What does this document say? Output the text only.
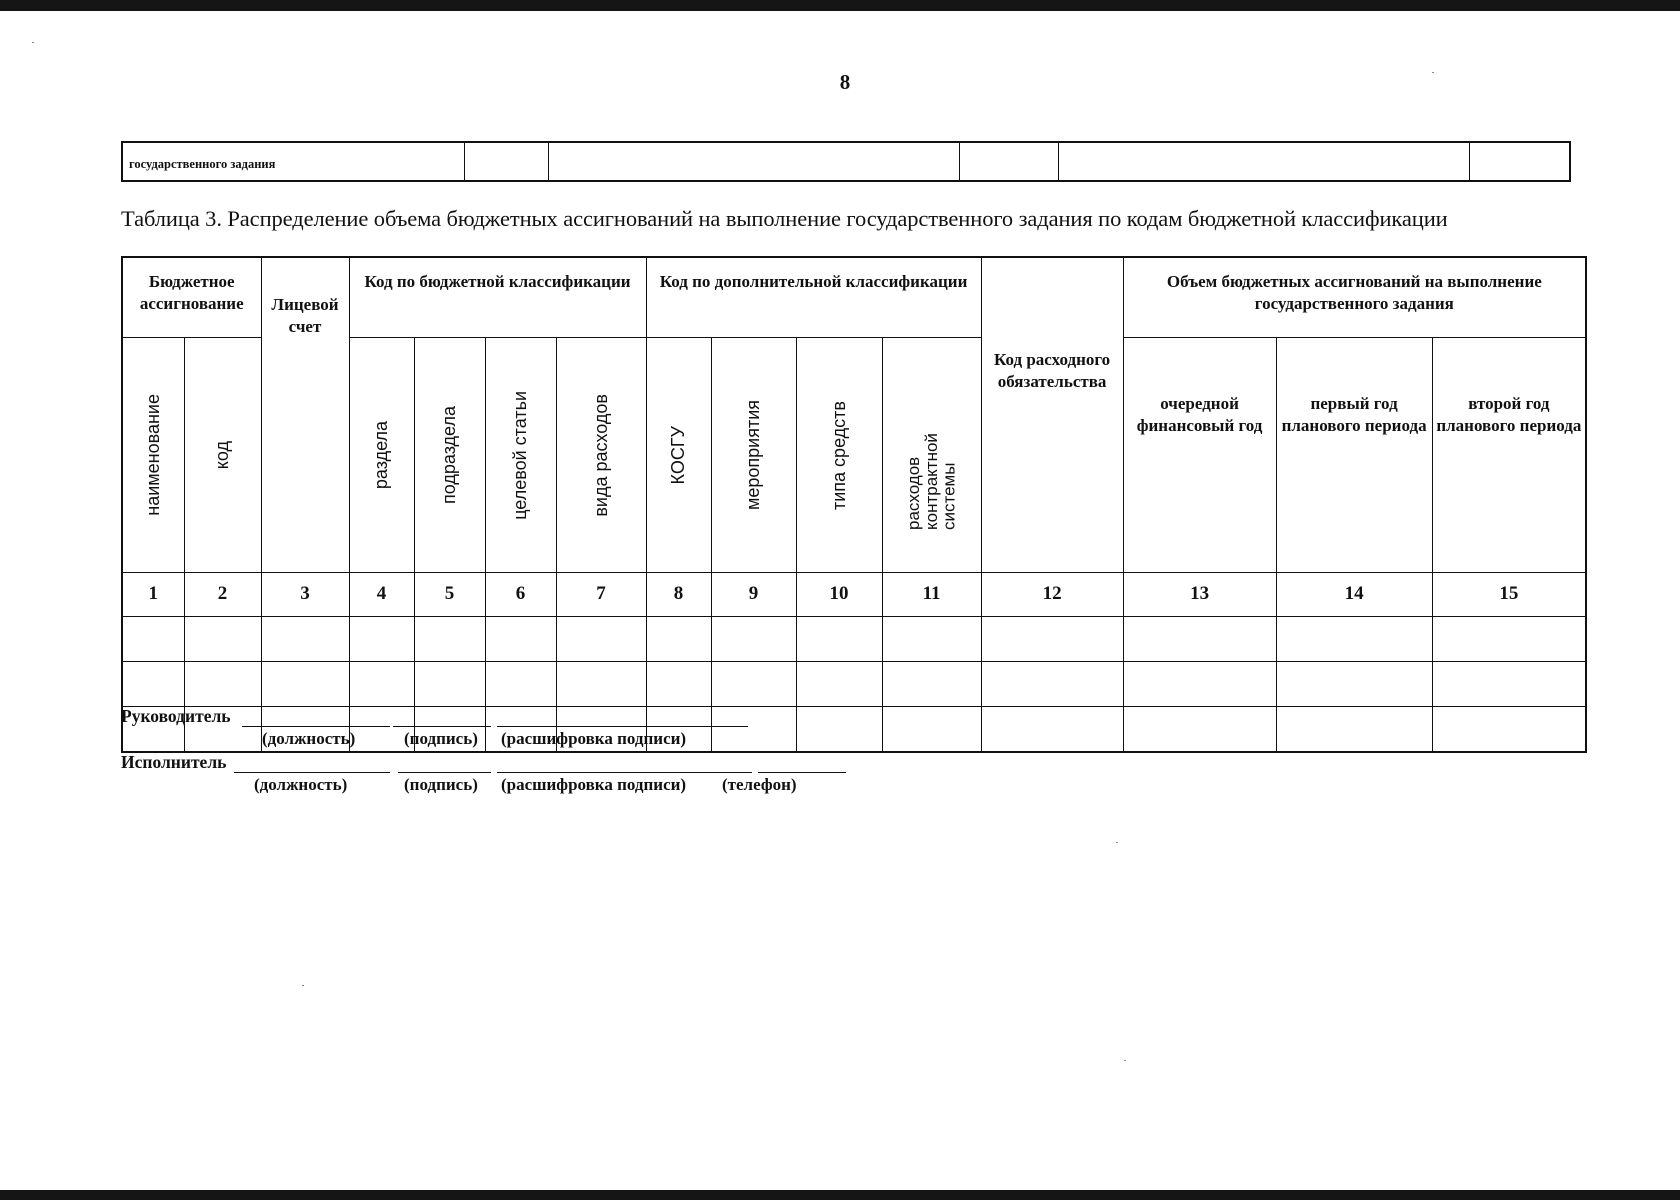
8
государственного задания
Таблица 3. Распределение объема бюджетных ассигнований на выполнение государственного задания по кодам бюджетной классификации
Бюджетное ассигнование		Лицевой счет	Код по бюджетной классификации				Код по дополнительной классификации				Код расходного обязательства	Объем бюджетных ассигнований на выполнение государственного задания		

наименование	код		раздела	подраздела	целевой статьи	вида расходов	КОСГУ	мероприятия	типа средств	расходов контрактной системы		очередной финансовый год	первый год планового периода	второй год планового периода
1	2	3	4	5	6	7	8	9	10	11	12	13	14	15

Руководитель
(должность)	(подпись) (расшифровка подписи)
Исполнитель
(должность)	(подпись) (расшифровка подписи) (телефон)
